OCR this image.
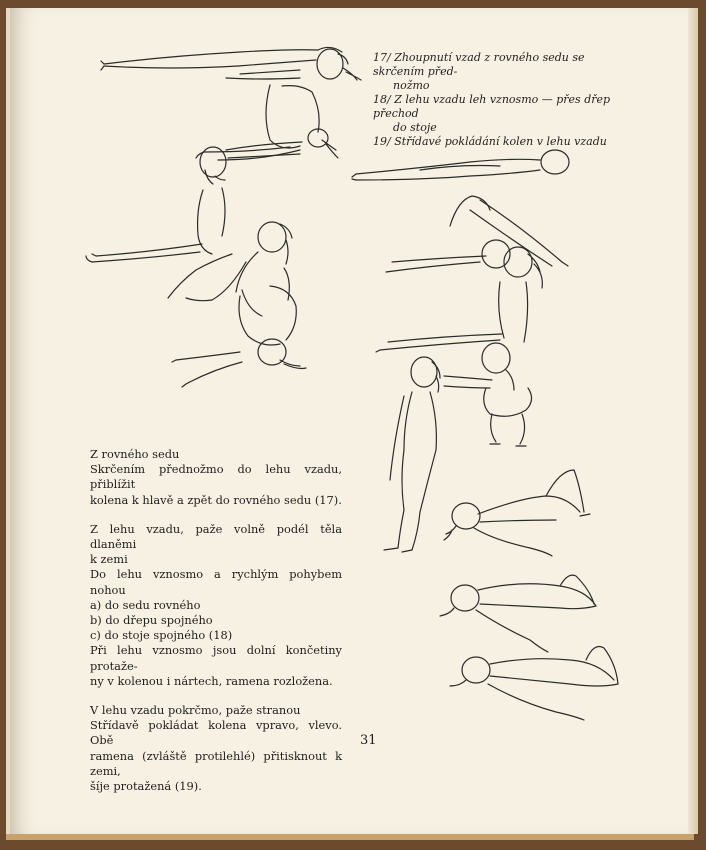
17/ Zhoupnutí vzad z rovného sedu se skrčením před-
nožmo
18/ Z lehu vzadu leh vznosmo — přes dřep přechod
do stoje
19/ Střídavé pokládání kolen v lehu vzadu
Z rovného sedu
Skrčením přednožmo do lehu vzadu, přiblížit
kolena k hlavě a zpět do rovného sedu (17).
Z lehu vzadu, paže volně podél těla dlaněmi
k zemi
Do lehu vznosmo a rychlým pohybem nohou
a) do sedu rovného
b) do dřepu spojného
c) do stoje spojného (18)
Při lehu vznosmo jsou dolní končetiny protaže-
ny v kolenou i nártech, ramena rozložena.
V lehu vzadu pokrčmo, paže stranou
Střídavě pokládat kolena vpravo, vlevo. Obě
ramena (zvláště protilehlé) přitisknout k zemi,
šíje protažená (19).
31
